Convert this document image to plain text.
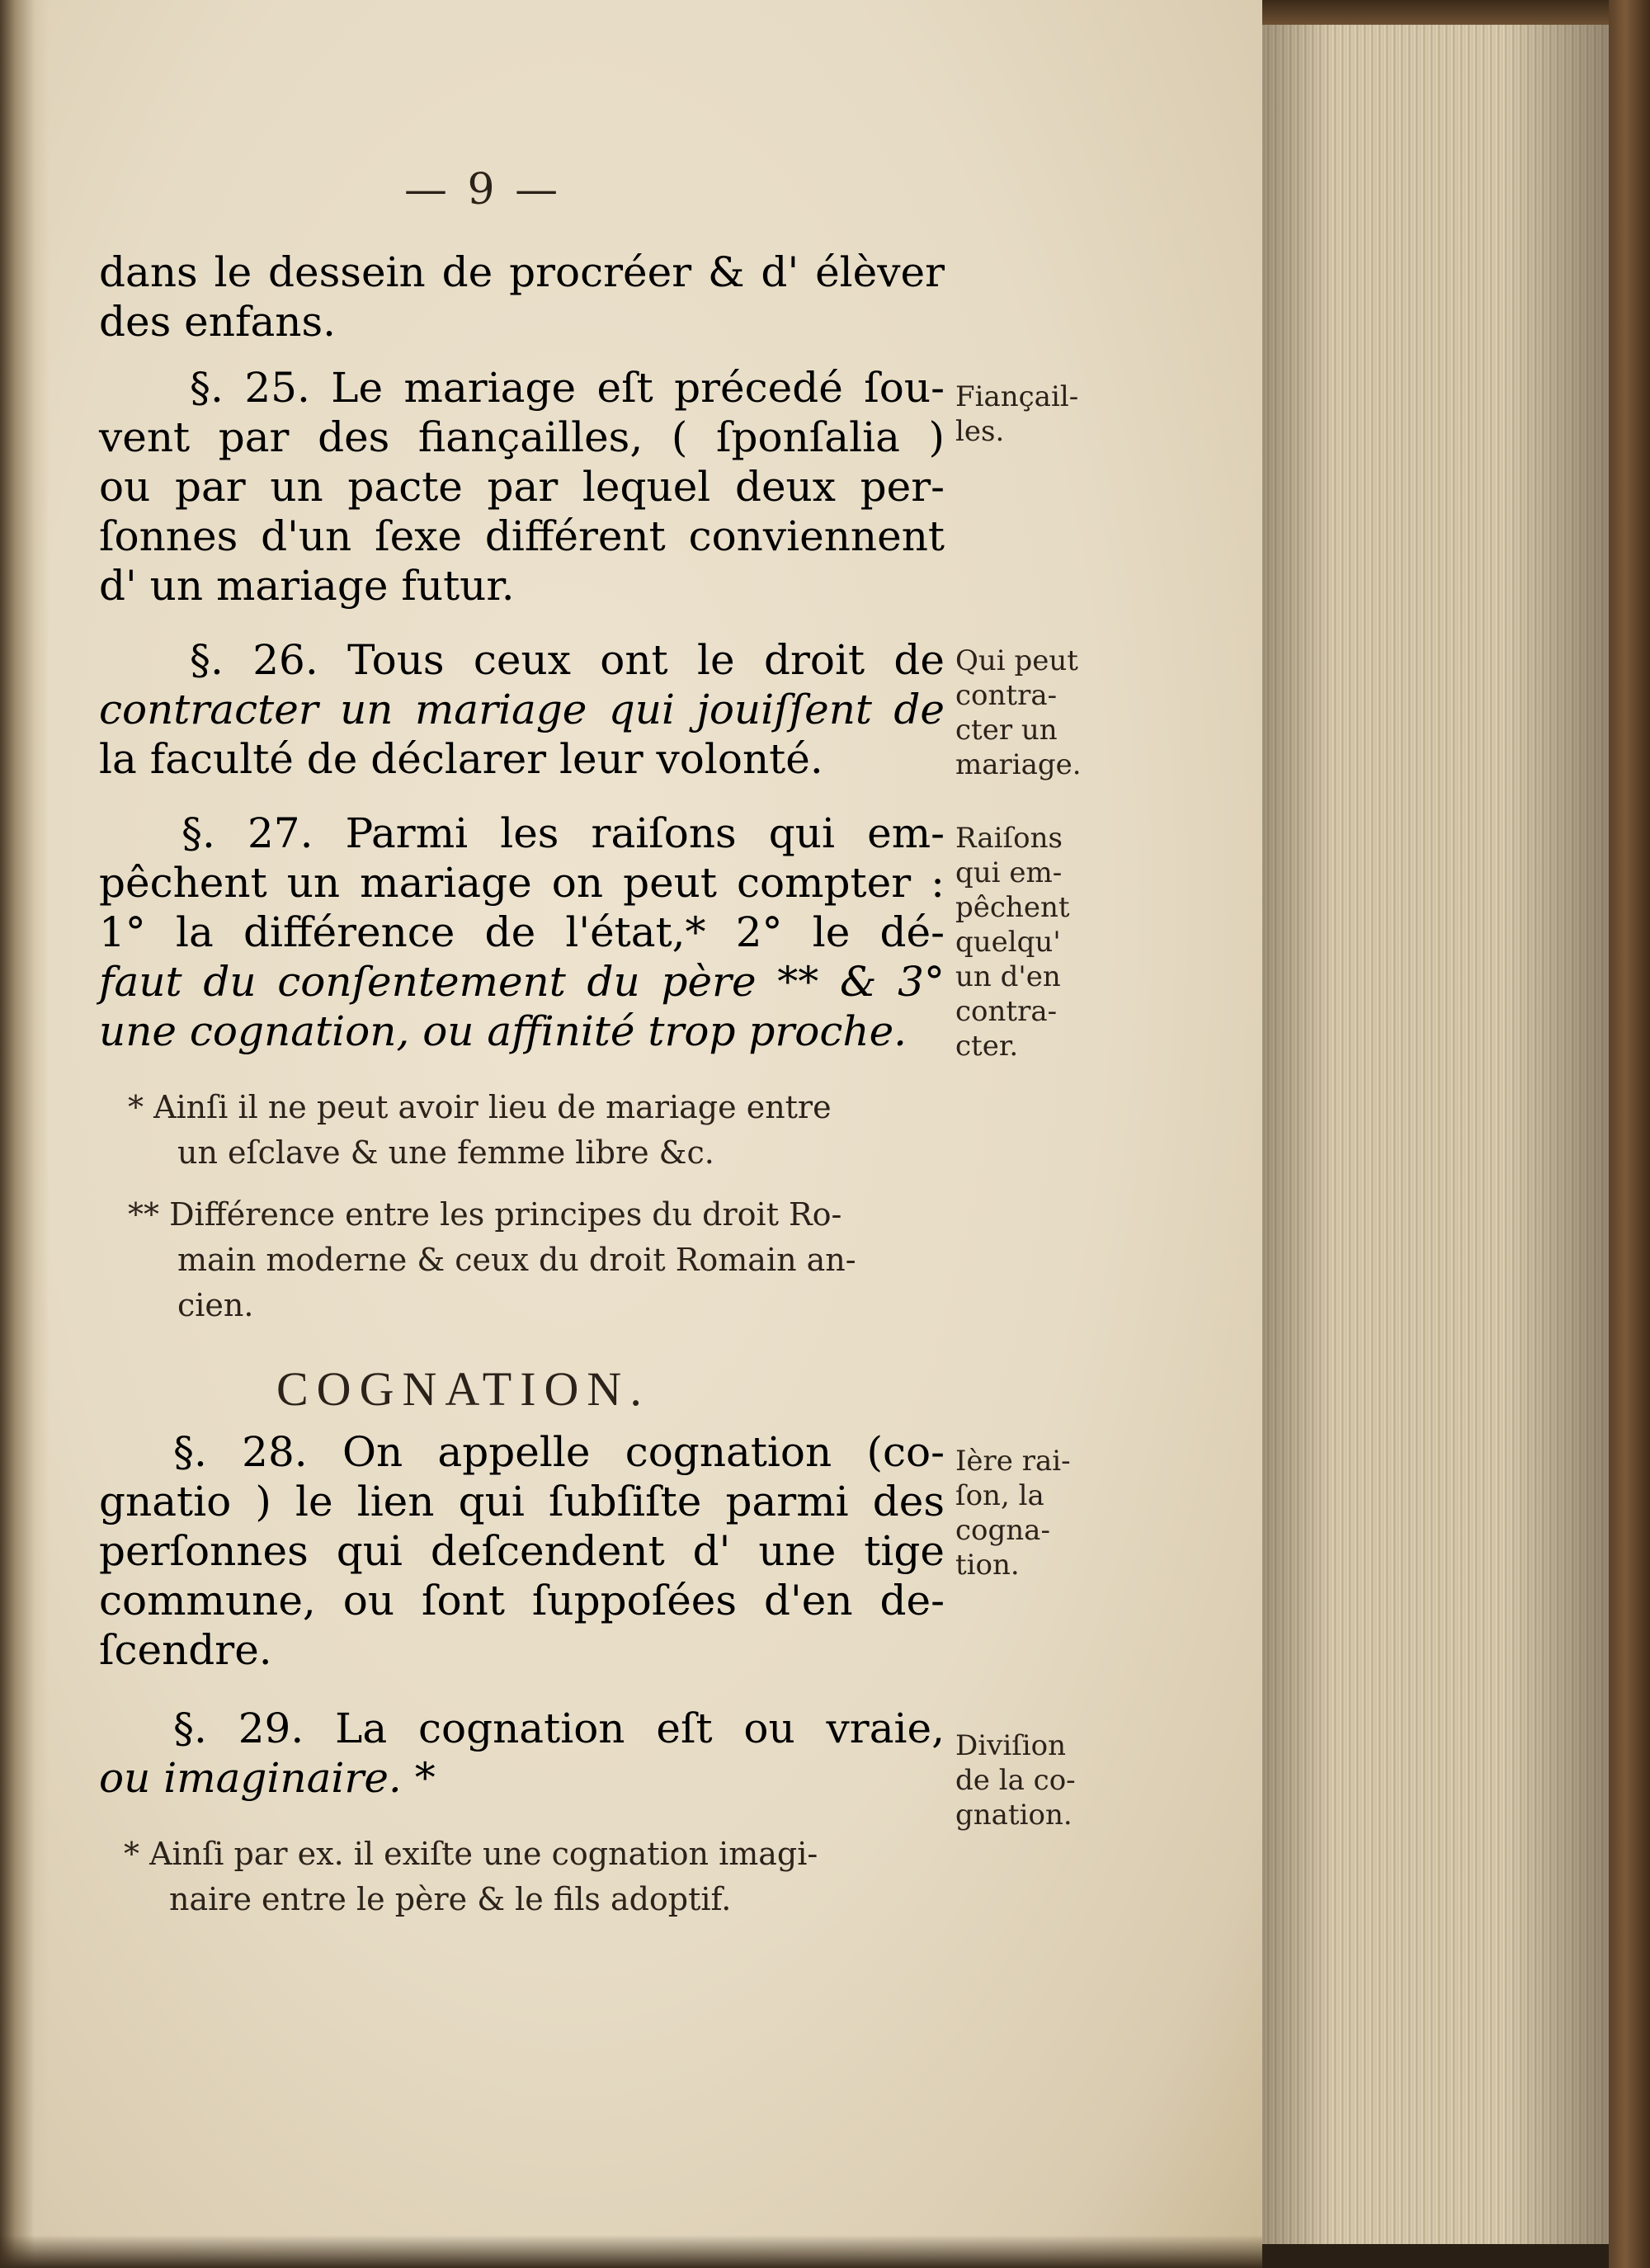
— 9 —
dans le dessein de procréer & d' élèver
des enfans.
§. 25. Le mariage eſt précedé ſou-
vent par des fiançailles, ( ſponſalia )
ou par un pacte par lequel deux per-
ſonnes d'un ſexe différent conviennent
d' un mariage futur.
Fiançail-
les.
§. 26. Tous ceux ont le droit de
contracter un mariage qui jouiſſent de
la faculté de déclarer leur volonté.
Qui peut
contra-
cter un
mariage.
§. 27. Parmi les raiſons qui em-
pêchent un mariage on peut compter :
1° la différence de l'état,* 2° le dé-
faut du conſentement du père ** & 3°
une cognation, ou affinité trop proche.
Raiſons
qui em-
pêchent
quelqu'
un d'en
contra-
cter.
* Ainſi il ne peut avoir lieu de mariage entre
un eſclave & une femme libre &c.
** Différence entre les principes du droit Ro-
main moderne & ceux du droit Romain an-
cien.
COGNATION.
§. 28. On appelle cognation (co-
gnatio ) le lien qui ſubſiſte parmi des
perſonnes qui deſcendent d' une tige
commune, ou ſont ſuppoſées d'en de-
ſcendre.
Ière rai-
ſon, la
cogna-
tion.
§. 29. La cognation eſt ou vraie,
ou imaginaire. *
Diviſion
de la co-
gnation.
* Ainſi par ex. il exiſte une cognation imagi-
naire entre le père & le fils adoptif.
